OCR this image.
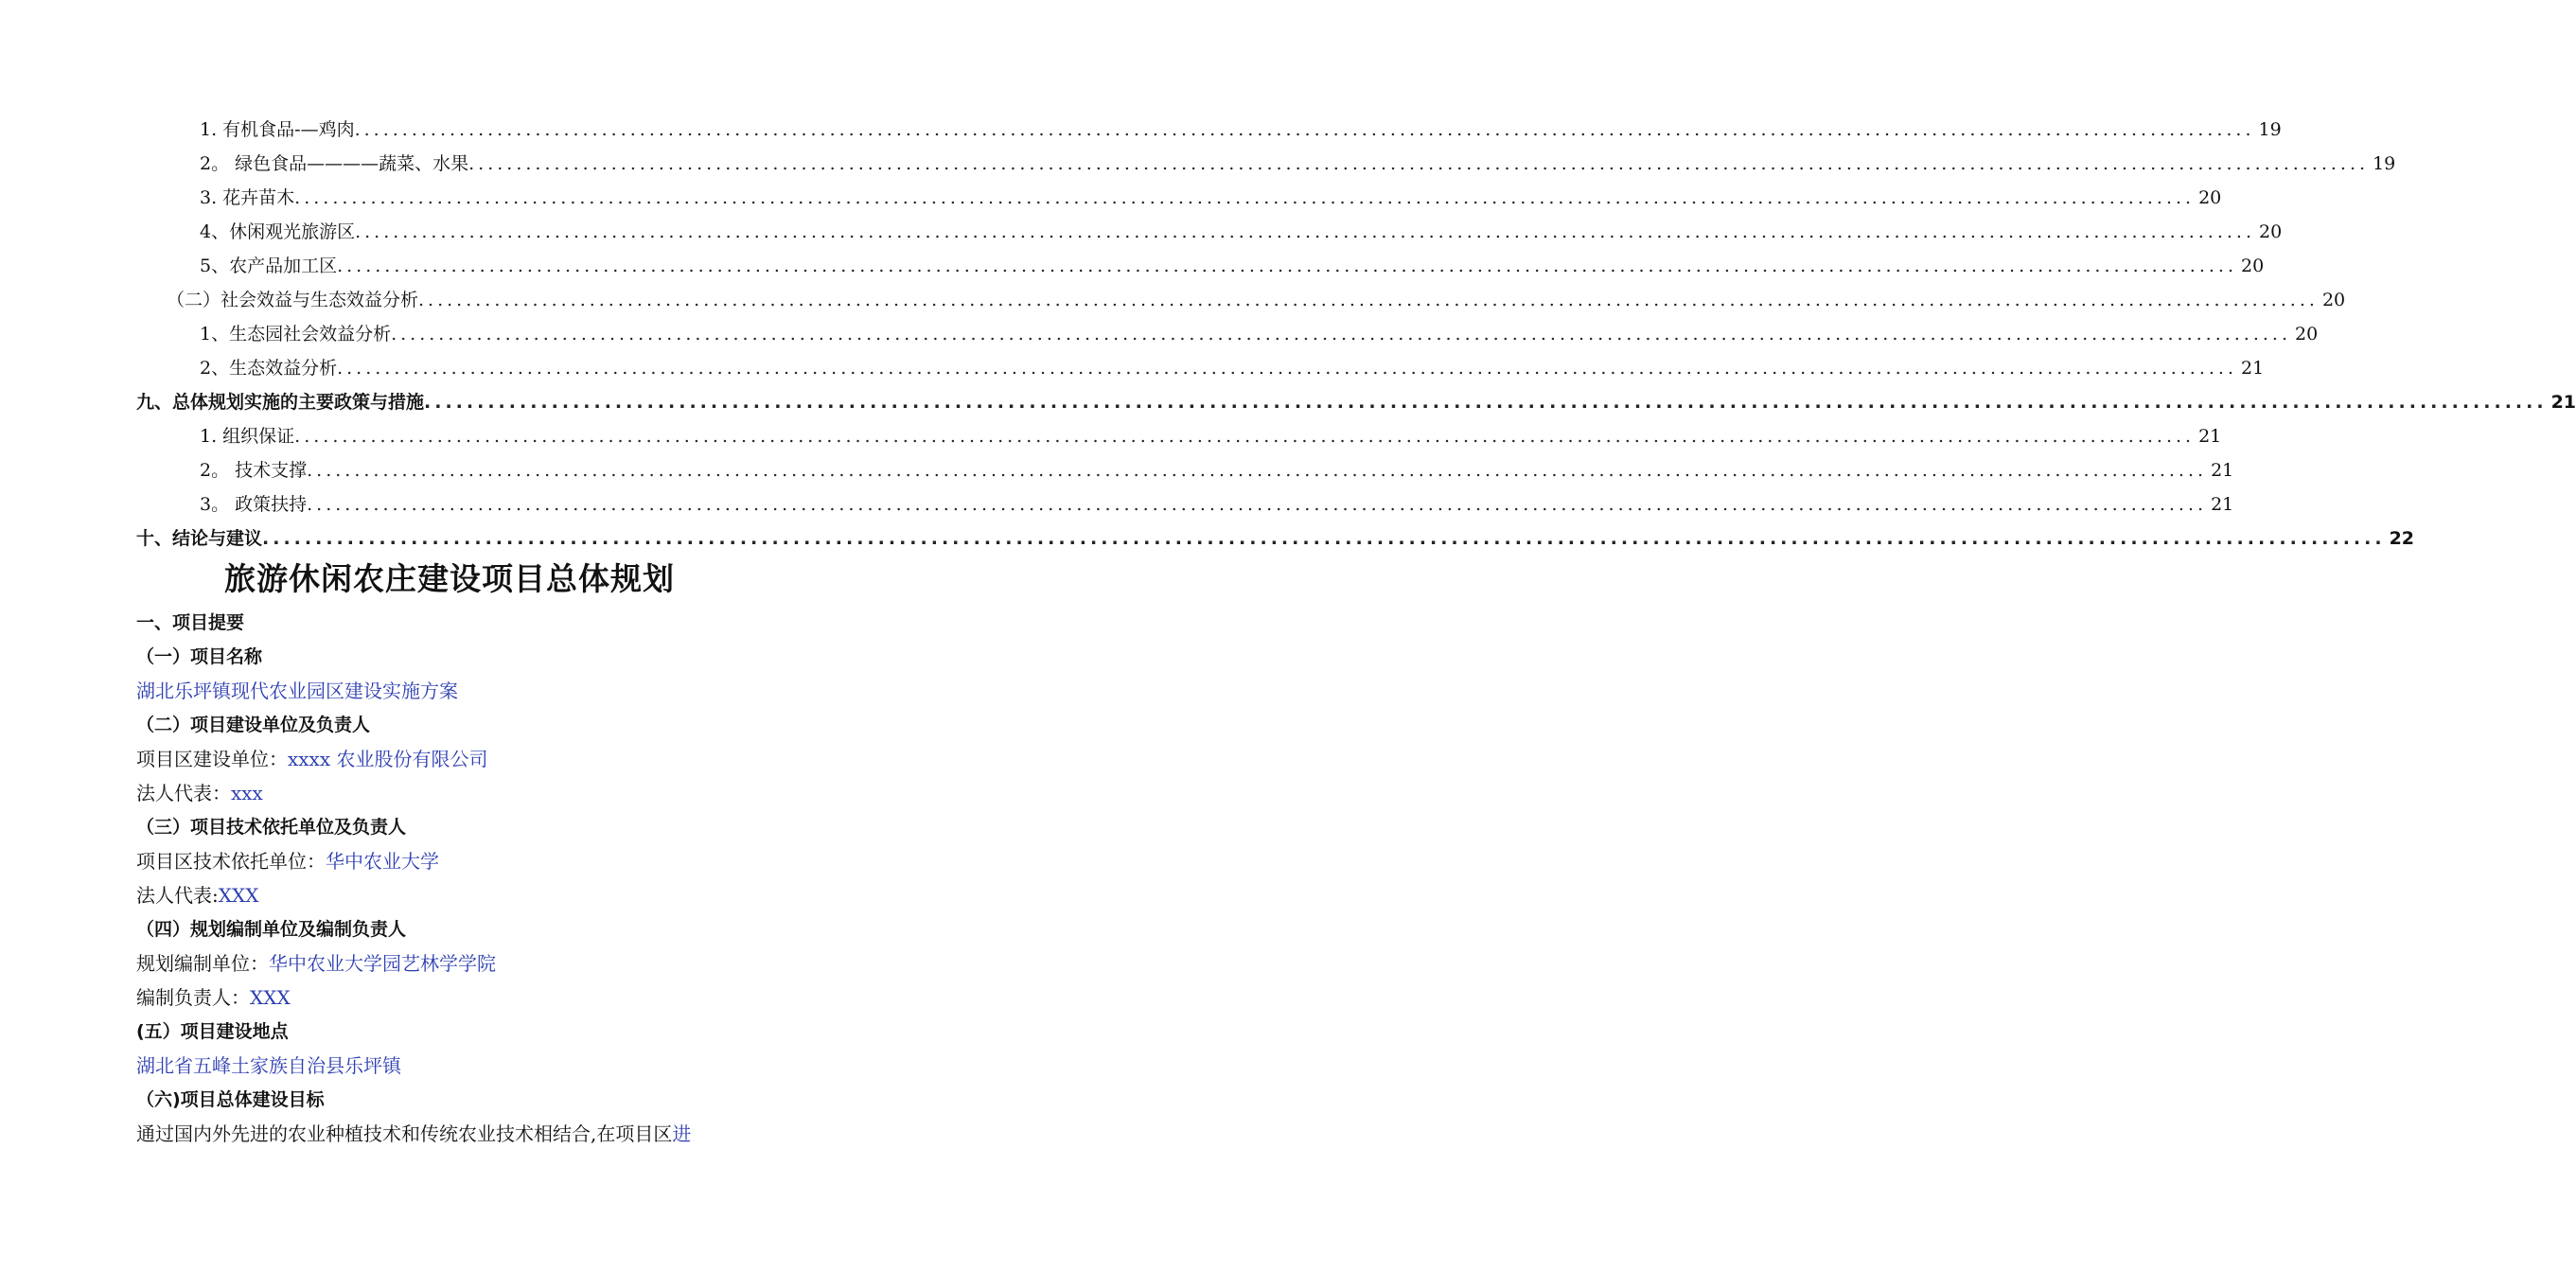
1. 有机食品-—鸡肉 ........................................................................................................................................................................................................ 19
2。 绿色食品————蔬菜、水果 ........................................................................................................................................................................................................ 19
3. 花卉苗木 ........................................................................................................................................................................................................ 20
4、休闲观光旅游区 ........................................................................................................................................................................................................ 20
5、农产品加工区 ........................................................................................................................................................................................................ 20
（二）社会效益与生态效益分析 ........................................................................................................................................................................................................ 20
1、生态园社会效益分析 ........................................................................................................................................................................................................ 20
2、生态效益分析 ........................................................................................................................................................................................................ 21
九、总体规划实施的主要政策与措施 ........................................................................................................................................................................................................ 21
1. 组织保证 ........................................................................................................................................................................................................ 21
2。 技术支撑 ........................................................................................................................................................................................................ 21
3。 政策扶持 ........................................................................................................................................................................................................ 21
十、结论与建议 ........................................................................................................................................................................................................ 22
旅游休闲农庄建设项目总体规划
一、项目提要
（一）项目名称
湖北乐坪镇现代农业园区建设实施方案
（二）项目建设单位及负责人
项目区建设单位：xxxx 农业股份有限公司
法人代表：xxx
（三）项目技术依托单位及负责人
项目区技术依托单位：华中农业大学
法人代表:XXX
（四）规划编制单位及编制负责人
规划编制单位：华中农业大学园艺林学学院
编制负责人：XXX
(五）项目建设地点
湖北省五峰土家族自治县乐坪镇
（六)项目总体建设目标
通过国内外先进的农业种植技术和传统农业技术相结合,在项目区进
